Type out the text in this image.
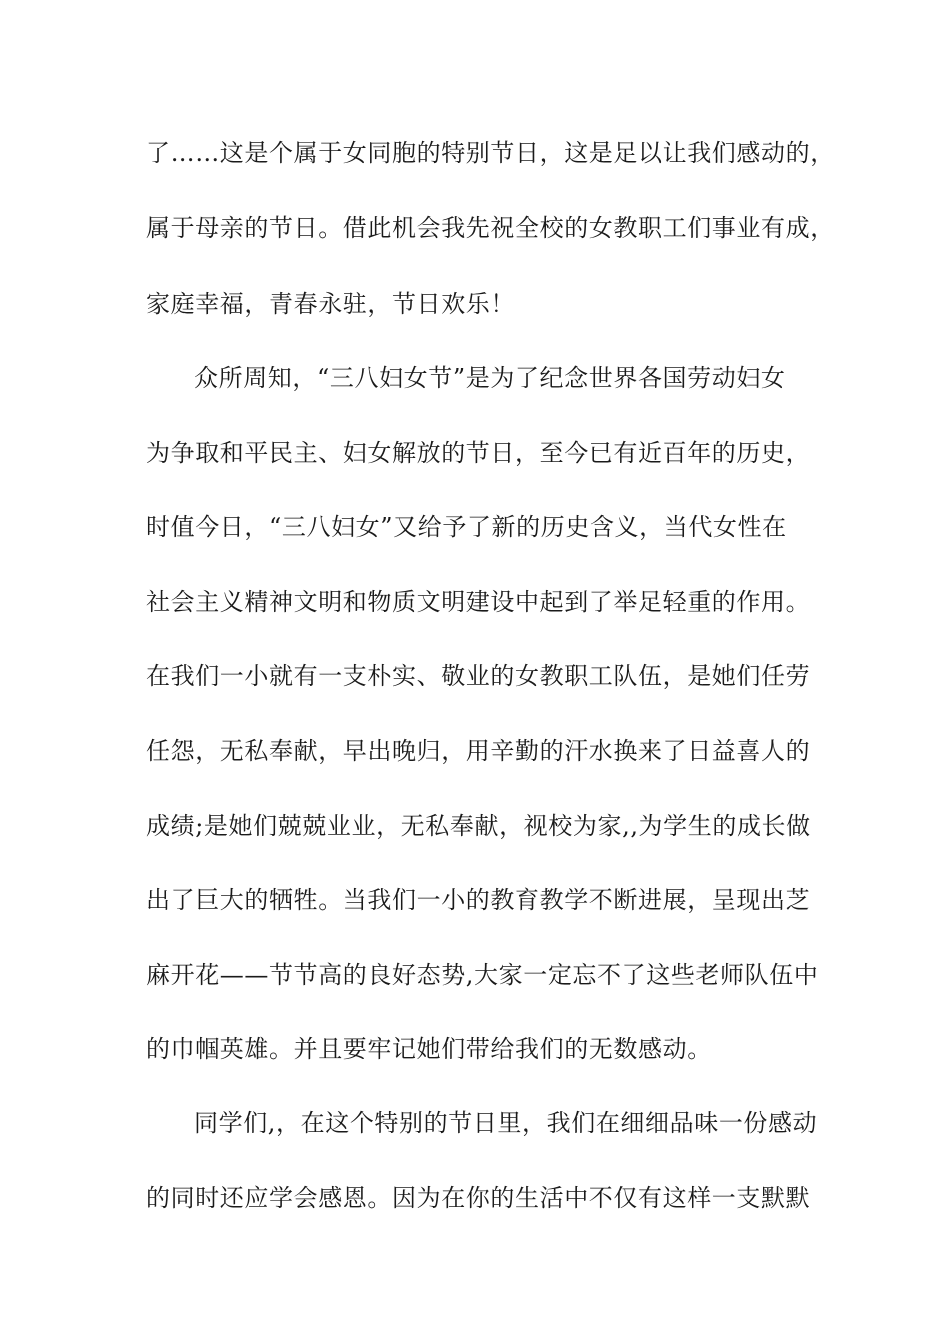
了……这是个属于女同胞的特别节日，这是足以让我们感动的，
属于母亲的节日。借此机会我先祝全校的女教职工们事业有成，
家庭幸福，青春永驻，节日欢乐！
众所周知，“三八妇女节”是为了纪念世界各国劳动妇女
为争取和平民主、妇女解放的节日，至今已有近百年的历史，
时值今日，“三八妇女”又给予了新的历史含义，当代女性在
社会主义精神文明和物质文明建设中起到了举足轻重的作用。
在我们一小就有一支朴实、敬业的女教职工队伍，是她们任劳
任怨，无私奉献，早出晚归，用辛勤的汗水换来了日益喜人的
成绩;是她们兢兢业业，无私奉献，视校为家,,为学生的成长做
出了巨大的牺牲。当我们一小的教育教学不断进展，呈现出芝
麻开花——节节高的良好态势,大家一定忘不了这些老师队伍中
的巾帼英雄。并且要牢记她们带给我们的无数感动。
同学们,，在这个特别的节日里，我们在细细品味一份感动
的同时还应学会感恩。因为在你的生活中不仅有这样一支默默
